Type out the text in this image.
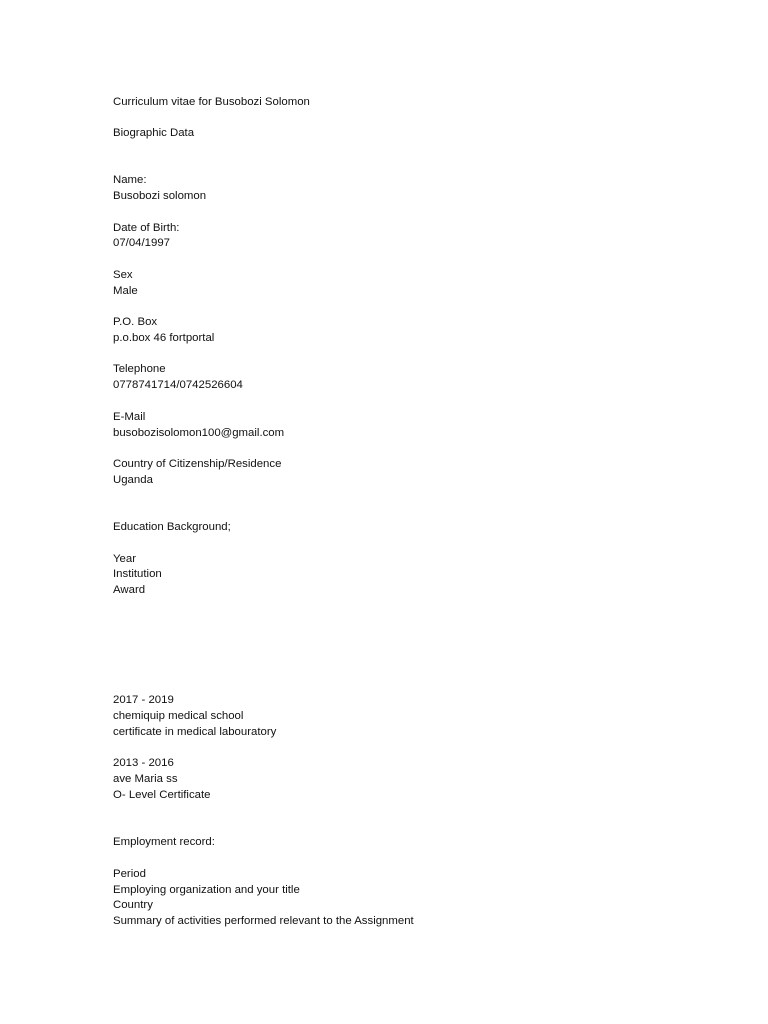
Curriculum vitae for Busobozi Solomon
Biographic Data
Name:
Busobozi solomon
Date of Birth:
07/04/1997
Sex
Male
P.O. Box
p.o.box 46 fortportal
Telephone
0778741714/0742526604
E-Mail
busobozisolomon100@gmail.com
Country of Citizenship/Residence
Uganda
Education Background;
Year
Institution
Award
2017 - 2019
chemiquip medical school
certificate in medical labouratory
2013 - 2016
ave Maria ss
O- Level Certificate
Employment record:
Period
Employing organization and your title
Country
Summary of activities performed relevant to the Assignment
